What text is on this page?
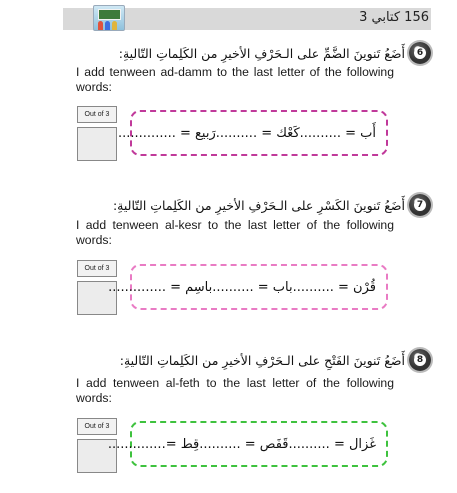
156 كتابي 3
أَضَعُ تَنوينَ الضَّمِّ على الـحَرْفِ الأخيرِ من الكَلِماتِ التّاليةِ:	6
I add tenween ad-damm to the last letter of the following words:
Out of 3
أَب = ..........
كَعْك = ..........
رَبيع = ..............
أَضَعُ تَنوينَ الكَسْرِ على الـحَرْفِ الأخيرِ من الكَلِماتِ التّاليةِ:	7
I add tenween al-kesr to the last letter of the following words:
Out of 3
قُرْن = ..........
باب = ..........
باسِم = ..............
أَضَعُ تَنوينَ الفَتْحِ على الـحَرْفِ الأخيرِ من الكَلِماتِ التّاليةِ:	8
I add tenween al-feth to the last letter of the following words:
Out of 3
غَزال = ..........
قَفَص = ..........
قِط =..............
